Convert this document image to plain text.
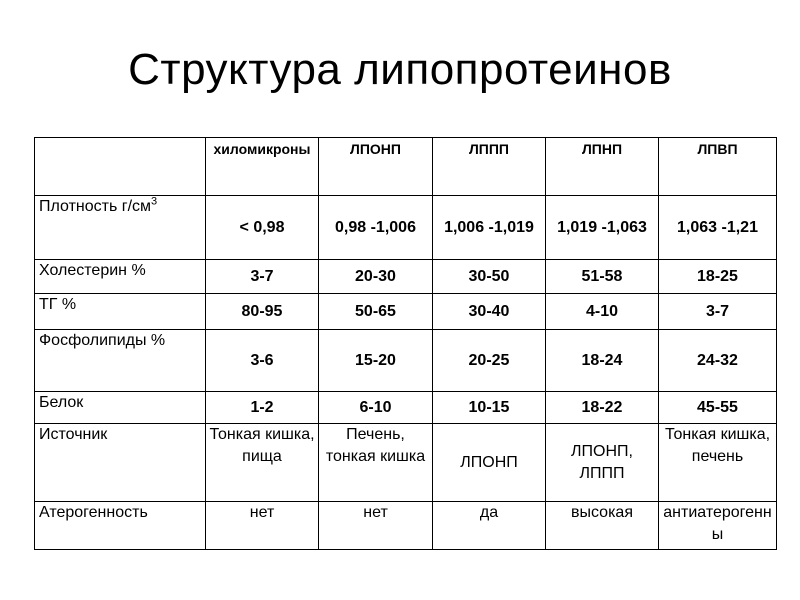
Структура липопротеинов
	хиломикроны	ЛПОНП	ЛППП	ЛПНП	ЛПВП
Плотность $г/см^3$	< 0,98	0,98 -1,006	1,006 -1,019	1,019 -1,063	1,063 -1,21
Холестерин %	3-7	20-30	30-50	51-58	18-25
ТГ %	80-95	50-65	30-40	4-10	3-7
Фосфолипиды %	3-6	15-20	20-25	18-24	24-32
Белок	1-2	6-10	10-15	18-22	45-55
Источник	Тонкая кишка, пища	Печень, тонкая кишка	ЛПОНП	ЛПОНП, ЛППП	Тонкая кишка, печень
Атерогенность	нет	нет	да	высокая	антиатерогенны
